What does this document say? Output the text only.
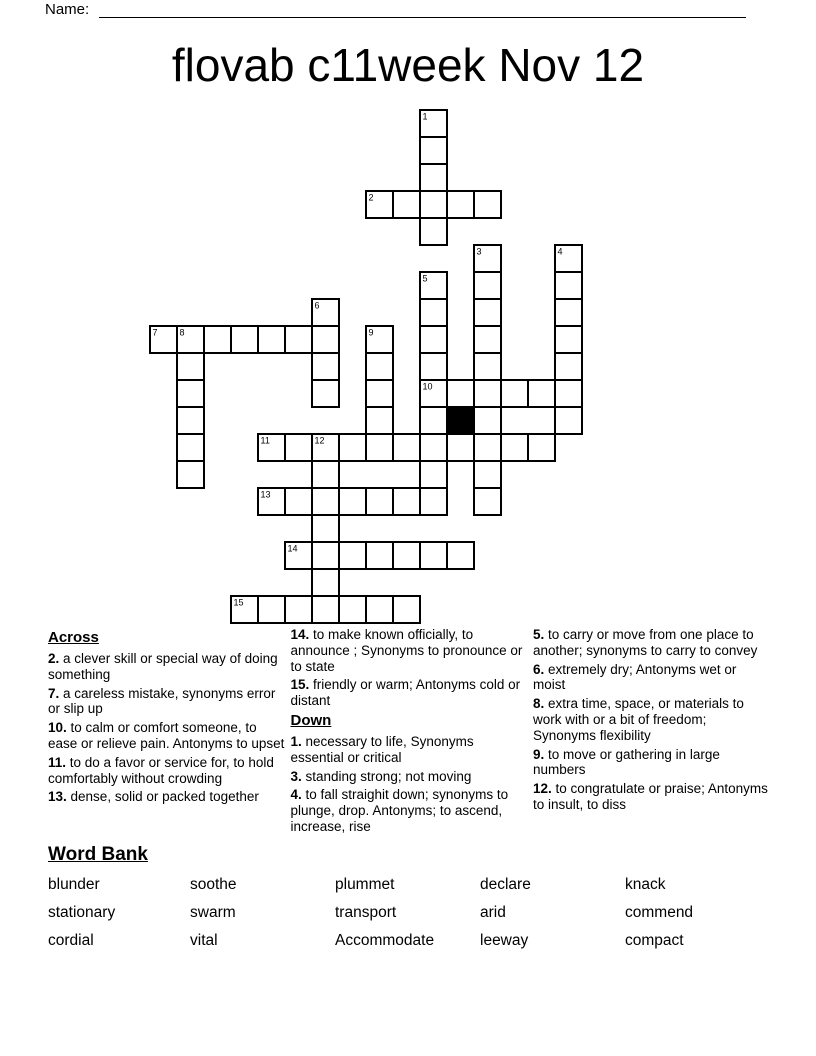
Name:
flovab c11week Nov 12
1
2
3	4
5
6
7 8	9
10
11	12
13
14
15
Across
2. a clever skill or special way of doing something
7. a careless mistake, synonyms error or slip up
10. to calm or comfort someone, to ease or relieve pain. Antonyms to upset
11. to do a favor or service for, to hold comfortably without crowding
13. dense, solid or packed together
14. to make known officially, to announce ; Synonyms to pronounce or to state
15. friendly or warm; Antonyms cold or distant
Down
1. necessary to life, Synonyms essential or critical
3. standing strong; not moving
4. to fall straighit down; synonyms to plunge, drop. Antonyms; to ascend, increase, rise
5. to carry or move from one place to another; synonyms to carry to convey
6. extremely dry; Antonyms wet or moist
8. extra time, space, or materials to work with or a bit of freedom; Synonyms flexibility
9. to move or gathering in large numbers
12. to congratulate or praise; Antonyms to insult, to diss
Word Bank
blunder	soothe	plummet	declare	knack
stationary	swarm	transport	arid	commend
cordial	vital	Accommodate	leeway	compact
